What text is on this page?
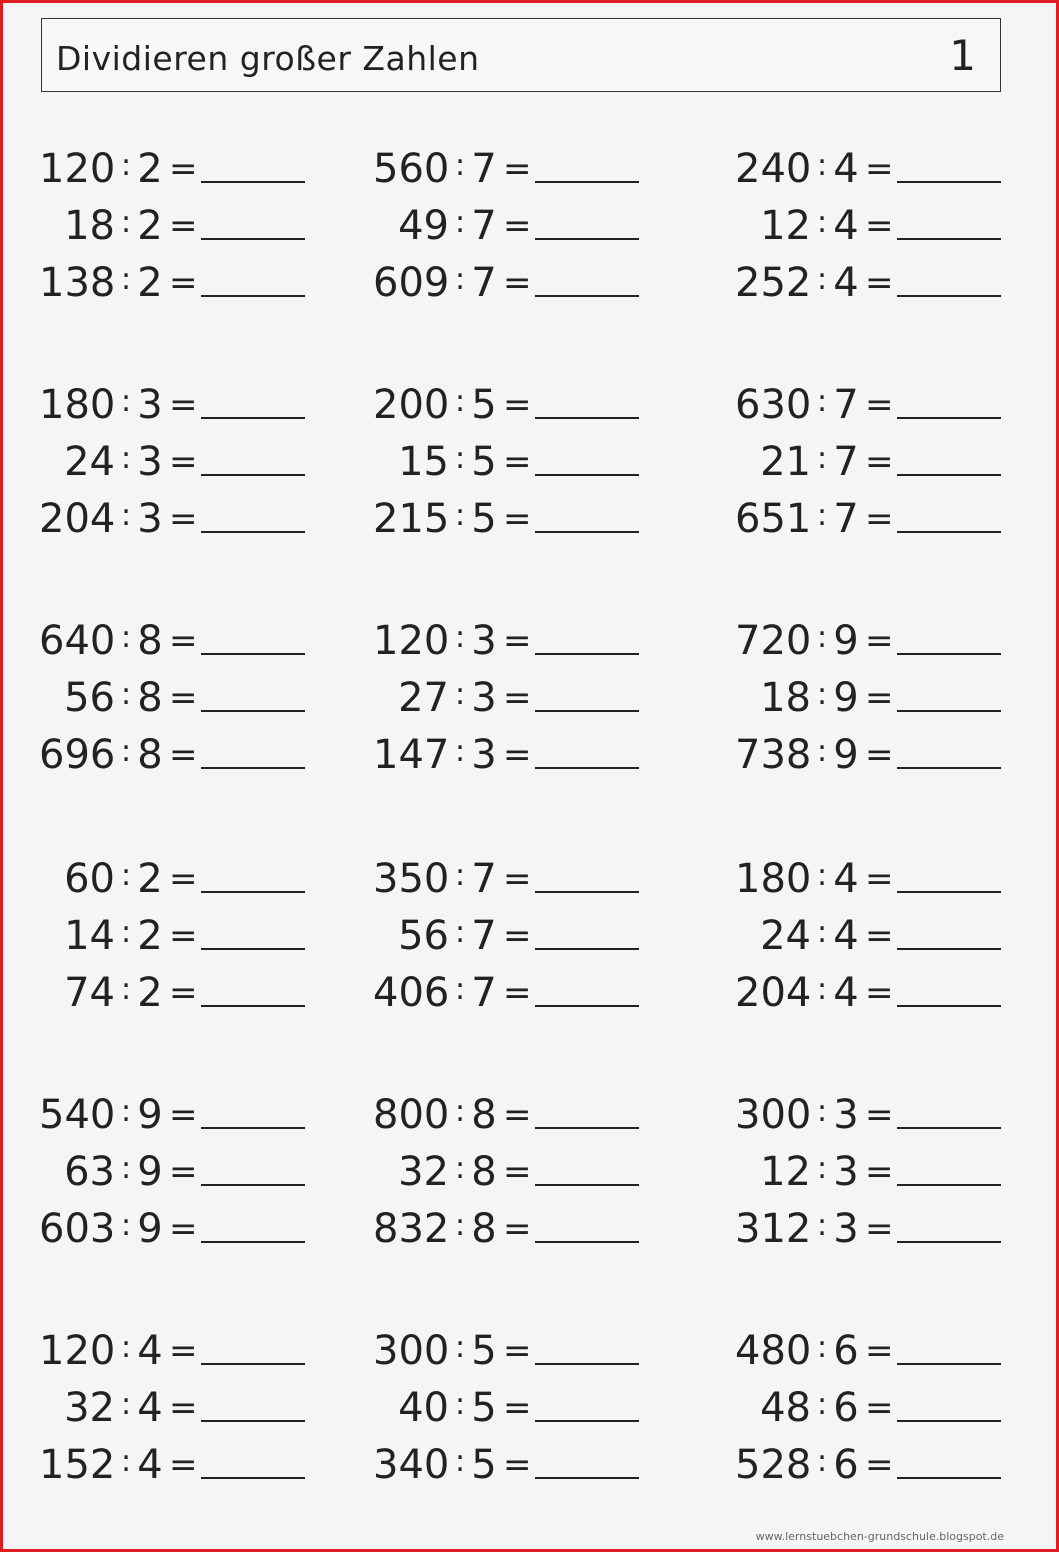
Dividieren großer Zahlen	1
120 : 2 =
18 : 2 =
138 : 2 =
560 : 7 =
49 : 7 =
609 : 7 =
240 : 4 =
12 : 4 =
252 : 4 =
180 : 3 =
24 : 3 =
204 : 3 =
200 : 5 =
15 : 5 =
215 : 5 =
630 : 7 =
21 : 7 =
651 : 7 =
640 : 8 =
56 : 8 =
696 : 8 =
120 : 3 =
27 : 3 =
147 : 3 =
720 : 9 =
18 : 9 =
738 : 9 =
60 : 2 =
14 : 2 =
74 : 2 =
350 : 7 =
56 : 7 =
406 : 7 =
180 : 4 =
24 : 4 =
204 : 4 =
540 : 9 =
63 : 9 =
603 : 9 =
800 : 8 =
32 : 8 =
832 : 8 =
300 : 3 =
12 : 3 =
312 : 3 =
120 : 4 =
32 : 4 =
152 : 4 =
300 : 5 =
40 : 5 =
340 : 5 =
480 : 6 =
48 : 6 =
528 : 6 =
www.lernstuebchen-grundschule.blogspot.de
